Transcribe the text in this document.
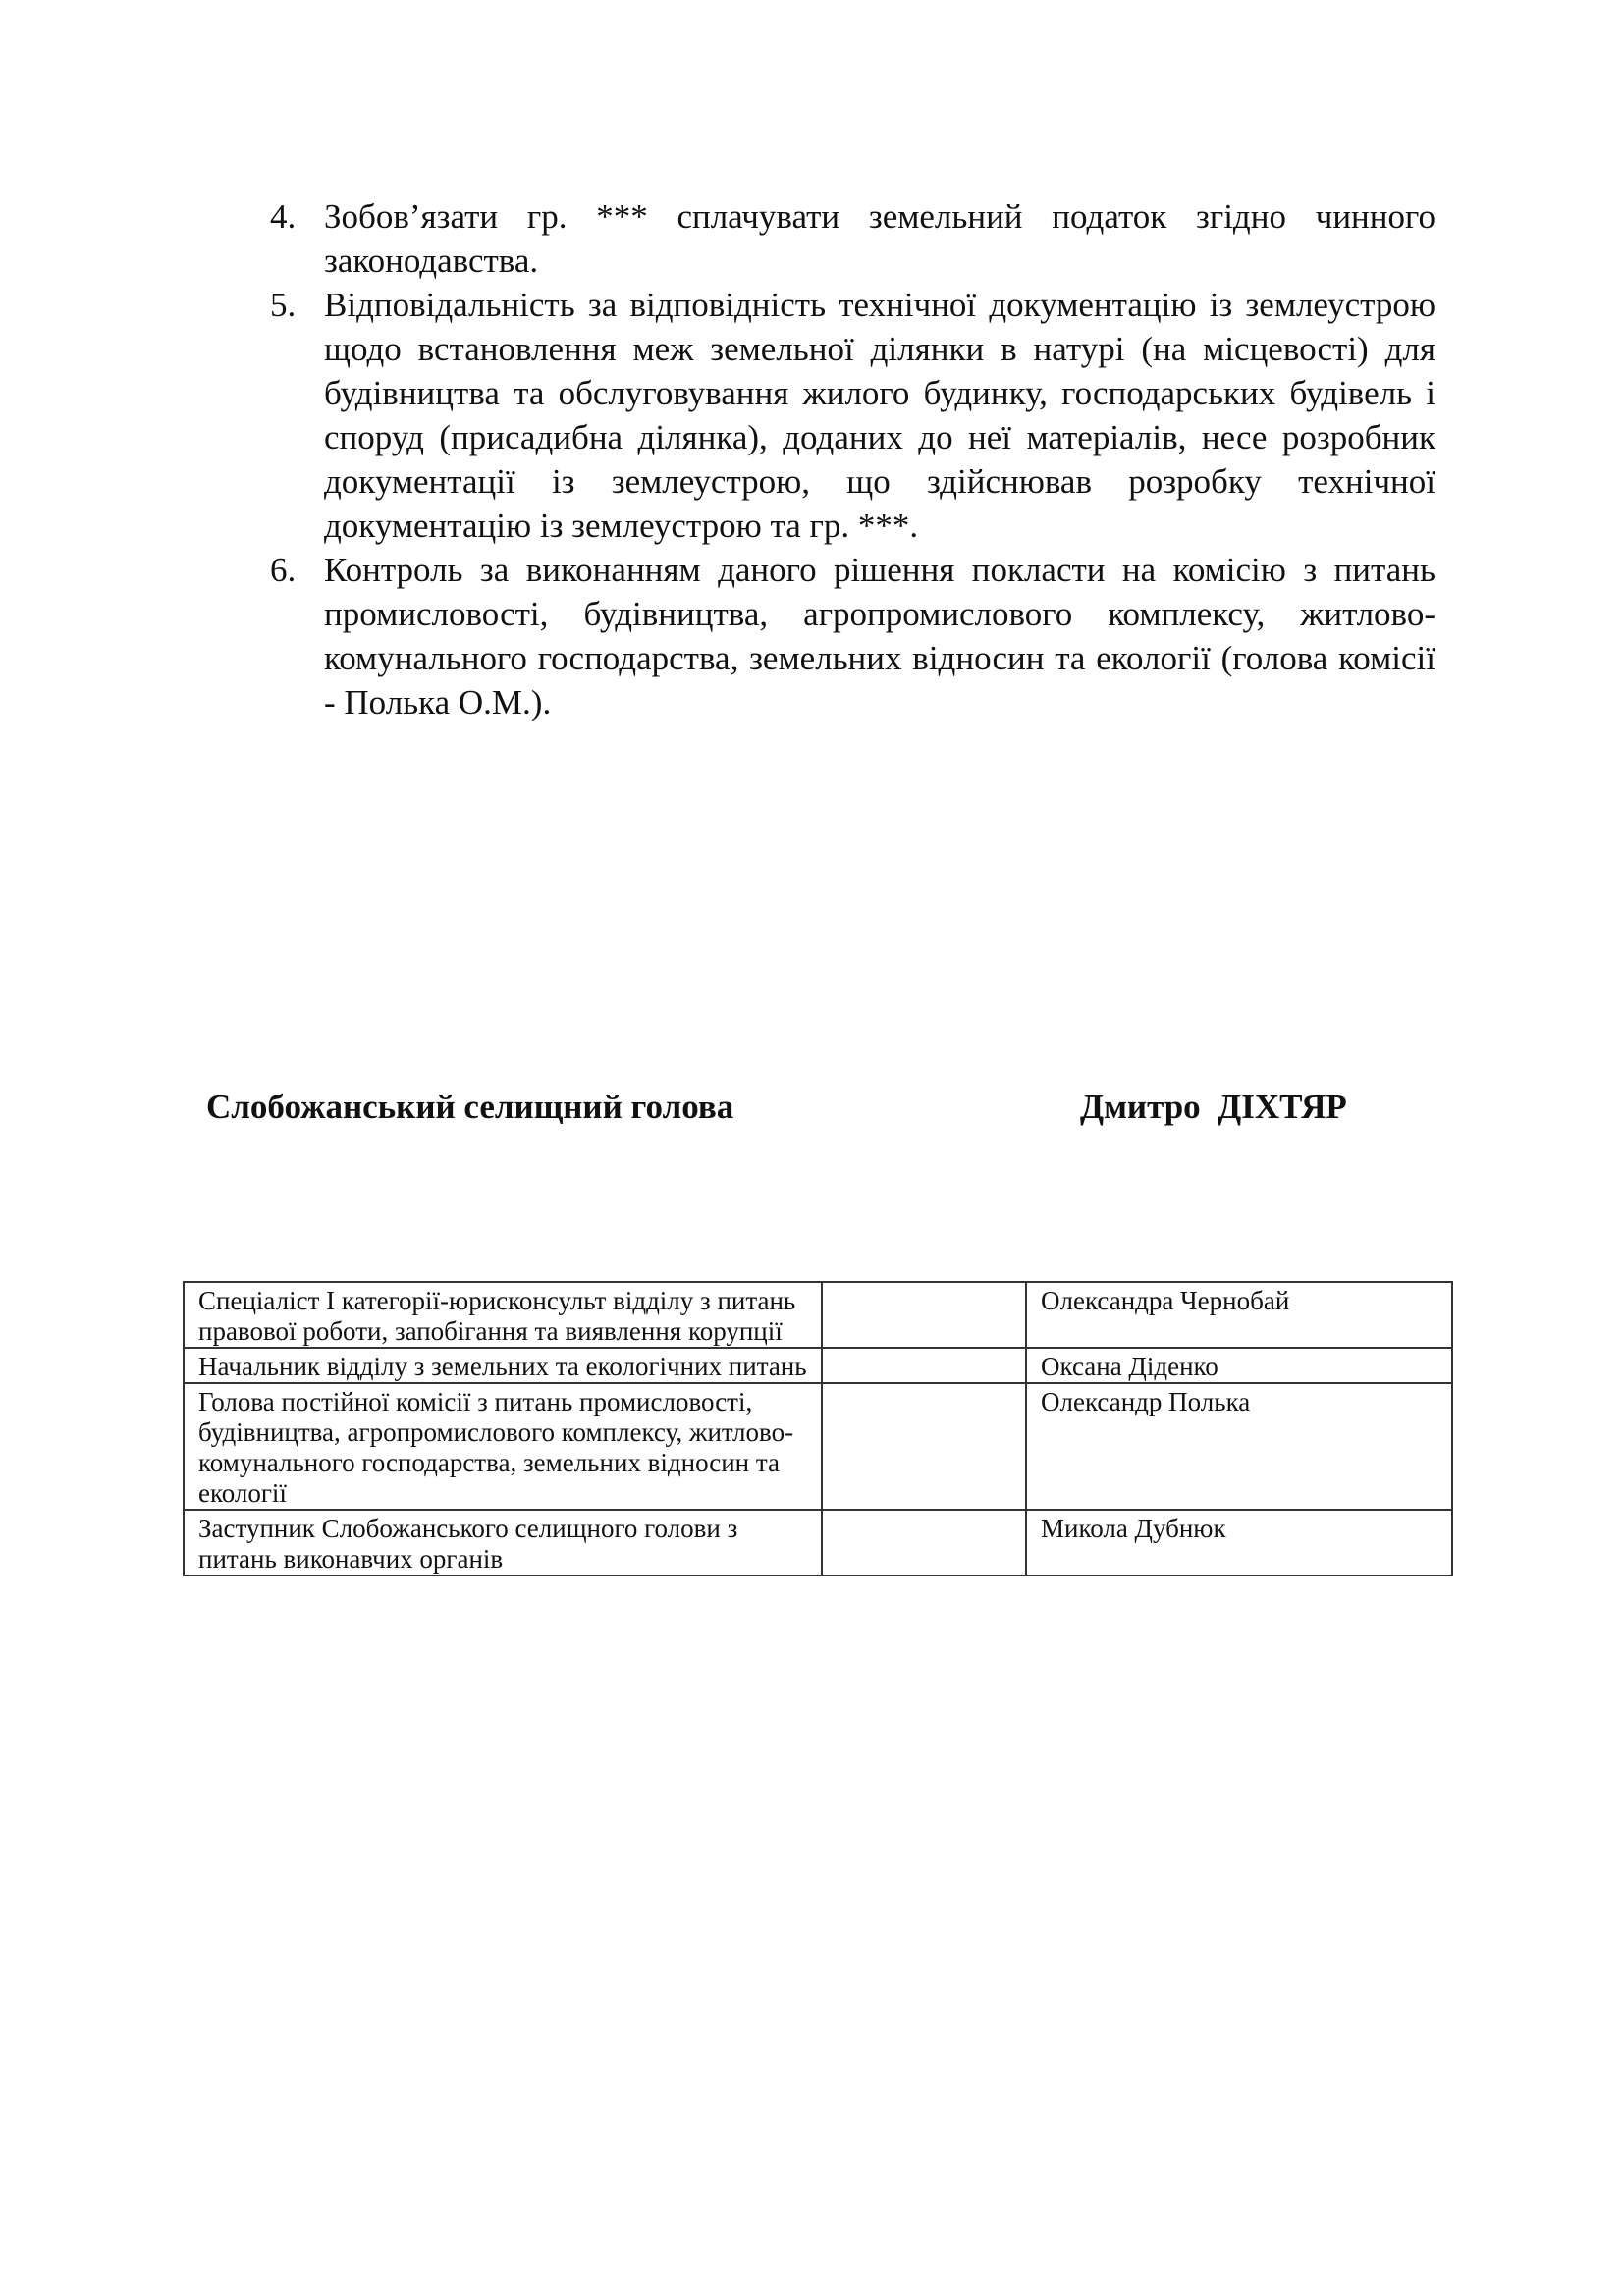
4. Зобов’язати гр. *** сплачувати земельний податок згідно чинного законодавства.
5. Відповідальність за відповідність технічної документацію із землеустрою щодо встановлення меж земельної ділянки в натурі (на місцевості) для будівництва та обслуговування жилого будинку, господарських будівель і споруд (присадибна ділянка), доданих до неї матеріалів, несе розробник документації із землеустрою, що здійснював розробку технічної документацію із землеустрою та гр. ***.
6. Контроль за виконанням даного рішення покласти на комісію з питань промисловості, будівництва, агропромислового комплексу, житлово-комунального господарства, земельних відносин та екології (голова комісії - Полька О.М.).
Слобожанський селищний голова	Дмитро  ДІХТЯР
Спеціаліст І категорії-юрисконсульт відділу з питань правової роботи, запобігання та виявлення корупції		Олександра Чернобай
Начальник відділу з земельних та екологічних питань		Оксана Діденко
Голова постійної комісії з питань промисловості, будівництва, агропромислового комплексу, житлово-комунального господарства, земельних відносин та екології		Олександр Полька
Заступник Слобожанського селищного голови з питань виконавчих органів		Микола Дубнюк
